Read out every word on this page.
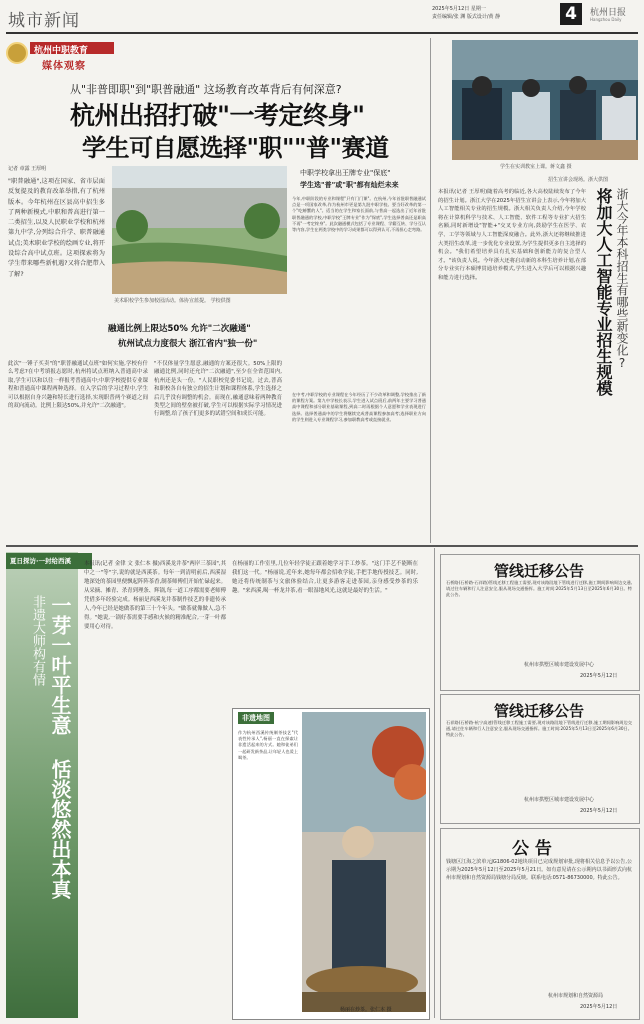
城市新闻
2025年5月12日 星期一
责任编辑/张 渊 版式设计/黄 静	4	杭州日报
Hangzhou Daily
杭州中职教育
媒体观察
从"非普即职"到"职普融通" 这场教育改革背后有何深意?
杭州出招打破"一考定终身"
学生可自愿选择"职""普"赛道
学生在实训教室上课。蒋文鑫 摄
记者 章露 王厚明
"职普融通",这项在国家、省市层面反复提及的教育改革举措,有了杭州版本。今年杭州在区县高中招生多了两种新模式,中职和普高进行第一二类招生,以及人民职业学校和杭州第九中学,分列综合升学、职普融通试点;美术职业学校的绘画专业,将开设综合高中试点班。这项探索将为学生带来哪些新机遇?又将合肥带入了解?
美术职校学生参加校园活动。体协宣蓝提。 学校供图
中职学校拿出王牌专业"保底"
学生选"普"或"职"都有灿烂未来
今年,中职阶段的专业和课程"只有门门课"。在杭州,今年首批职普融通试点是一项国家改革,作为杭州市更是第九批中职学校。要当好改革的第一个"吃螃蟹的人"。适当的在学生和家长面前,与普高一起选出了近年首批职普融通的学校,中职学校"王牌专业"作为"保底",学生选择普高还是职高不再"一考定终身"。此次融通模式包括了专业课程、学籍互转、学分互认等内容,学生在两类学校中的学习成果都可以得到认可,不再担心走弯路。
融通比例上限达50% 允许"二次融通"
杭州试点力度很大 浙江省内"独一份"
此次"一锤子买卖"的"职普融通试点班"如何实施,学校有什么考虑?在中考填报志愿时,杭州将试点班纳入普通高中录取,学生可以和以往一样报考普通高中;中职学校提供专业课程和普通高中课程两种选择。在入学后的学习过程中,学生可以根据自身兴趣和特长进行选择,实现职普两个赛道之间的双向流动。比例上限达50%,并允许"二次融通"。
"不仅体量学生愿意,融通的方案还很大。50%上限的融通比例,同时还允许"二次融通",至少在全省范围内,杭州还是头一份。"人民职校党委书记说。过去,普高和职校各自有独立的招生计划和课程体系,学生选择之后几乎没有调整的机会。而现在,融通意味着两种教育类型之间的壁垒被打破,学生可以根据实际学习情况进行调整,给了孩子们更多的试错空间和成长可能。
在中考,中职学校的专业课程在今年经历了不少改革和调整,学校推出了新的课程方案。第九中学校长表示,学生进入试点班后,前两年主要学习普通高中课程和部分职业基础课程,到高二时再根据个人意愿和学业表现进行选择。选择普通高中的学生将继续完成普高课程参加高考;选择职业方向的学生则进入专业课程学习,参加职教高考或直接就业。
招生宣讲会现场。浙大供图
本报讯(记者 王厚明)随着高考的临近,各大高校陆续发布了今年的招生计划。浙江大学在2025年招生宣讲会上表示,今年将加大人工智能相关专业的招生规模。浙大相关负责人介绍,今年学校将在计算机科学与技术、人工智能、软件工程等专业扩大招生名额,同时新增设"智能+"交叉专业方向,鼓励学生在医学、农学、工学等领域与人工智能深度融合。此外,浙大还将继续推进大类招生改革,进一步优化专业设置,为学生提供更多自主选择的机会。"我们希望培养具有扎实基础和创新能力的复合型人才。"该负责人说。今年浙大还将启动新的本科生培养计划,在部分专业实行本硕博贯通培养模式,学生进入大学后可以根据兴趣和能力进行选择。	浙大今年本科招生有哪些新变化?
将加大人工智能专业招生规模
夏日探访·一封给西溪
非遗大师构有情 一芽一叶平生意 恬淡悠然出本真
本报讯(记者 金律 文 张仁本 摄)西溪龙井茶"两岸三茶园",其中之一"等"字,说的就是西溪茶。每年一到清明前后,西溪湿地深处的茶园里便飘起阵阵茶香,制茶师傅们开始忙碌起来。从采摘、摊青、杀青到理条、辉锅,每一道工序都需要老师傅凭借多年经验完成。杨丽是西溪龙井茶制作技艺的非遗传承人,今年已经是她做茶的第三十个年头。"做茶就像做人,急不得。"她说,一锅好茶需要手感和火候的精准配合,一芽一叶都要用心对待。
在杨丽的工作室里,几位年轻学徒正跟着她学习手工炒茶。"这门手艺不能断在我们这一代。"杨丽说,近年来,她每年都会招收学徒,手把手地传授技艺。同时,她还将传统制茶与文旅体验结合,让更多游客走进茶园,亲身感受炒茶的乐趣。"来西溪,喝一杯龙井茶,看一眼湿地风光,这就是最好的生活。"
非遗地图
作为杭州西溪传统制茶技艺"代表性传承人",杨丽一直在探索让非遗活起来的方式。她和徒弟们一起研发新茶品,让年轻人也爱上喝茶。
杨丽在炒茶。张仁本 摄
管线迁移公告
石桥路(石桥路-石祥路)管线迁移工程施工需要,现对该路段地下管线进行迁移,施工期间影响周边交通,请过往车辆和行人注意安全,服从现场交通指挥。施工时间:2025年5月13日至2025年6月30日。特此公告。
杭州市拱墅区城市建设发展中心
2025年5月12日
管线迁移公告
石祥路(石桥路-杭宁高速)管线迁移工程施工需要,现对该路段地下管线进行迁移,施工期间影响周边交通,请过往车辆和行人注意安全,服从现场交通指挥。施工时间:2025年5月13日至2025年6月30日。特此公告。
杭州市拱墅区城市建设发展中心
2025年5月12日
公 告
钱塘区江海之滨单元JG1806-02地块项目已完成规划审批,现将相关信息予以公告,公示期为2025年5月12日至2025年5月21日。如有意见请在公示期内以书面形式向杭州市规划和自然资源局钱塘分局反映。联系电话:0571-86730000。特此公告。
杭州市规划和自然资源局
2025年5月12日
